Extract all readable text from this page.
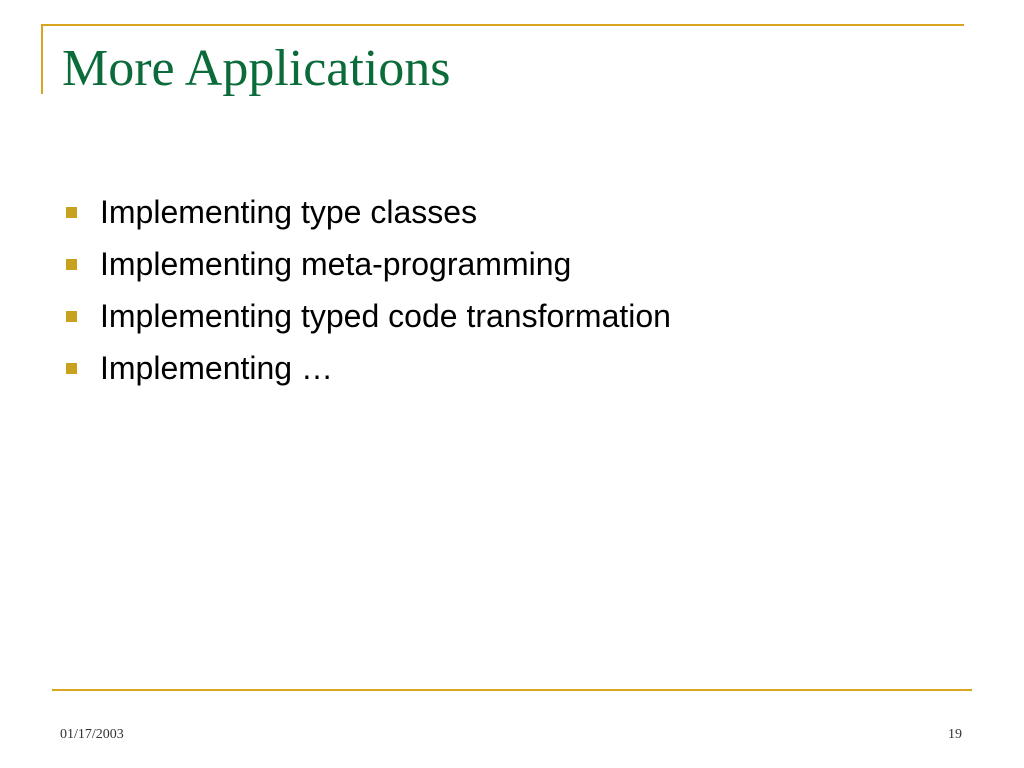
More Applications
Implementing type classes
Implementing meta-programming
Implementing typed code transformation
Implementing …
01/17/2003	19
